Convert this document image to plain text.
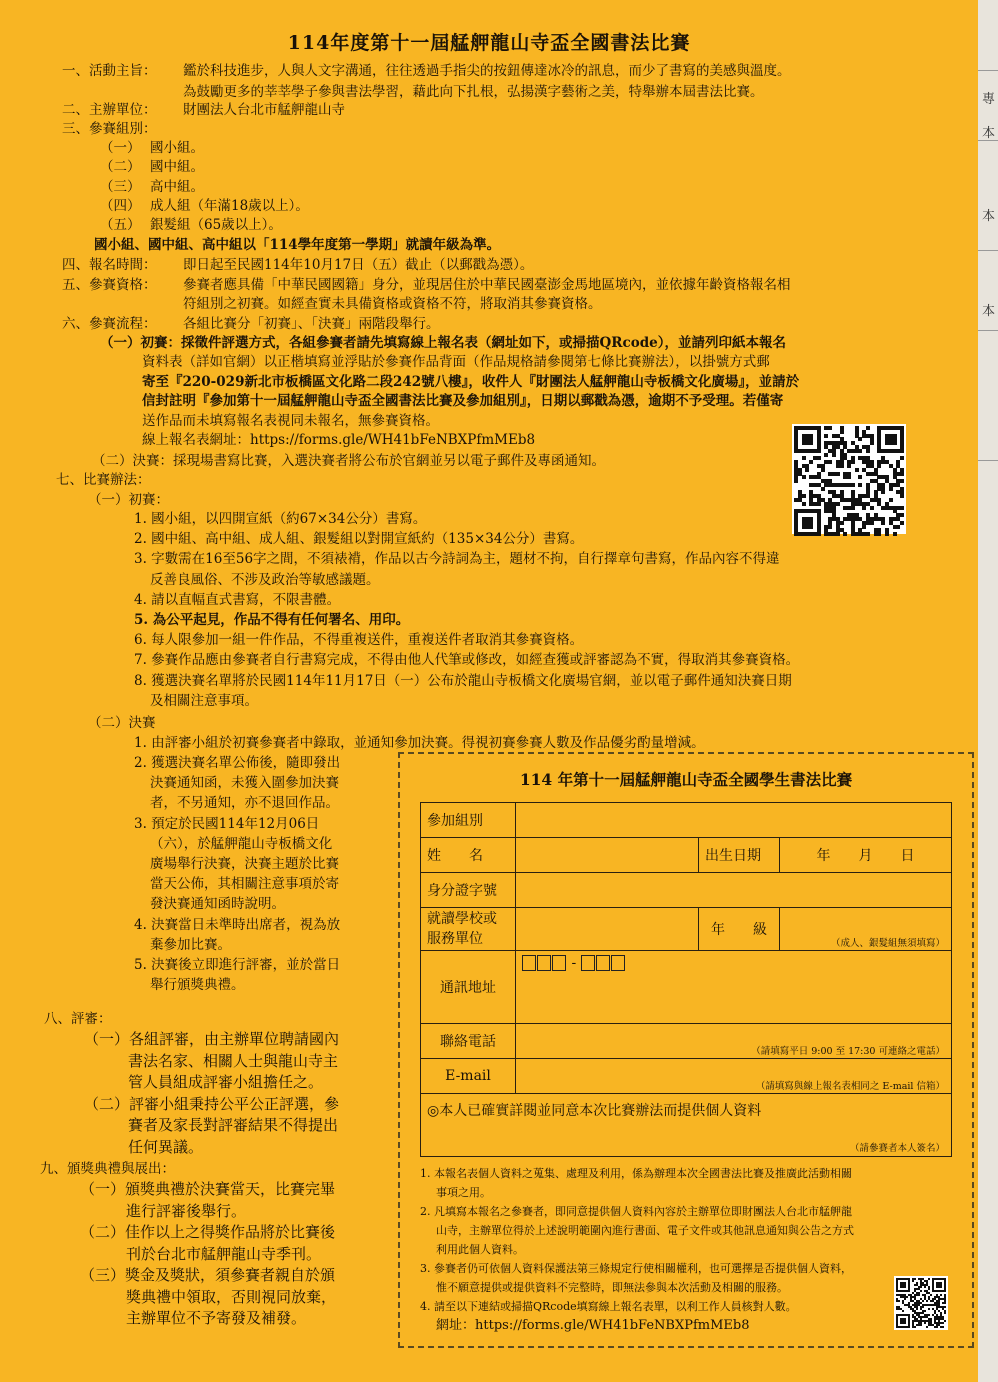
114年度第十一屆艋舺龍山寺盃全國書法比賽
一、活動主旨： 鑑於科技進步，人與人文字溝通，往往透過手指尖的按鈕傳達冰冷的訊息，而少了書寫的美感與溫度。
為鼓勵更多的莘莘學子參與書法學習，藉此向下扎根，弘揚漢字藝術之美，特舉辦本屆書法比賽。
二、主辦單位： 財團法人台北市艋舺龍山寺
三、參賽組別：
（一） 國小組。
（二） 國中組。
（三） 高中組。
（四） 成人組（年滿18歲以上）。
（五） 銀髮組（65歲以上）。
國小組、國中組、高中組以「114學年度第一學期」就讀年級為準。
四、報名時間： 即日起至民國114年10月17日（五）截止（以郵戳為憑）。
五、參賽資格： 參賽者應具備「中華民國國籍」身分，並現居住於中華民國臺澎金馬地區境內，並依據年齡資格報名相
符組別之初賽。如經查實未具備資格或資格不符，將取消其參賽資格。
六、參賽流程： 各組比賽分「初賽」、「決賽」兩階段舉行。
（一）初賽：採徵件評選方式，各組參賽者請先填寫線上報名表（網址如下，或掃描QRcode），並請列印紙本報名
資料表（詳如官網）以正楷填寫並浮貼於參賽作品背面（作品規格請參閱第七條比賽辦法），以掛號方式郵
寄至『220-029新北市板橋區文化路二段242號八樓』，收件人『財團法人艋舺龍山寺板橋文化廣場』，並請於
信封註明『參加第十一屆艋舺龍山寺盃全國書法比賽及參加組別』，日期以郵戳為憑，逾期不予受理。若僅寄
送作品而未填寫報名表視同未報名，無參賽資格。
線上報名表網址：https://forms.gle/WH41bFeNBXPfmMEb8
（二）決賽：採現場書寫比賽，入選決賽者將公布於官網並另以電子郵件及專函通知。
七、比賽辦法：
（一）初賽：
1. 國小組，以四開宣紙（約67×34公分）書寫。
2. 國中組、高中組、成人組、銀髮組以對開宣紙約（135×34公分）書寫。
3. 字數需在16至56字之間，不須裱褙，作品以古今詩詞為主，題材不拘，自行擇章句書寫，作品內容不得違
反善良風俗、不涉及政治等敏感議題。
4. 請以直幅直式書寫，不限書體。
5. 為公平起見，作品不得有任何署名、用印。
6. 每人限參加一組一件作品，不得重複送件，重複送件者取消其參賽資格。
7. 參賽作品應由參賽者自行書寫完成，不得由他人代筆或修改，如經查獲或評審認為不實，得取消其參賽資格。
8. 獲選決賽名單將於民國114年11月17日（一）公布於龍山寺板橋文化廣場官網，並以電子郵件通知決賽日期
及相關注意事項。
（二）決賽
1. 由評審小組於初賽參賽者中錄取，並通知參加決賽。得視初賽參賽人數及作品優劣酌量增減。
2. 獲選決賽名單公佈後，隨即發出
決賽通知函，未獲入圍參加決賽
者，不另通知，亦不退回作品。
3. 預定於民國114年12月06日
（六），於艋舺龍山寺板橋文化
廣場舉行決賽，決賽主題於比賽
當天公佈，其相關注意事項於寄
發決賽通知函時說明。
4. 決賽當日未準時出席者，視為放
棄參加比賽。
5. 決賽後立即進行評審，並於當日
舉行頒獎典禮。
八、評審：
（一）各組評審，由主辦單位聘請國內
書法名家、相關人士與龍山寺主
管人員組成評審小組擔任之。
（二）評審小組秉持公平公正評選，參
賽者及家長對評審結果不得提出
任何異議。
九、頒獎典禮與展出：
（一）頒獎典禮於決賽當天，比賽完畢
進行評審後舉行。
（二）佳作以上之得獎作品將於比賽後
刊於台北市艋舺龍山寺季刊。
（三）獎金及獎狀，須參賽者親自於頒
獎典禮中領取，否則視同放棄，
主辦單位不予寄發及補發。
114 年第十一屆艋舺龍山寺盃全國學生書法比賽
參加組別			
姓　　名		出生日期	年　　月　　日
身分證字號			
就讀學校或服務單位		年　　級	（成人、銀髮組無須填寫）
通訊地址	-		
聯絡電話	（請填寫平日 9:00 至 17:30 可連絡之電話）		
E-mail	（請填寫與線上報名表相同之 E-mail 信箱）		

◎本人已確實詳閱並同意本次比賽辦法而提供個人資料
（請參賽者本人簽名）			
1. 本報名表個人資料之蒐集、處理及利用，係為辦理本次全國書法比賽及推廣此活動相關
事項之用。
2. 凡填寫本報名之參賽者，即同意提供個人資料內容於主辦單位即財團法人台北市艋舺龍
山寺，主辦單位得於上述說明範圍內進行書面、電子文件或其他訊息通知與公告之方式
利用此個人資料。
3. 參賽者仍可依個人資料保護法第三條規定行使相關權利，也可選擇是否提供個人資料，
惟不願意提供或提供資料不完整時，即無法參與本次活動及相關的服務。
4. 請至以下連結或掃描QRcode填寫線上報名表單，以利工作人員核對人數。
網址：https://forms.gle/WH41bFeNBXPfmMEb8
專
本
本
本
